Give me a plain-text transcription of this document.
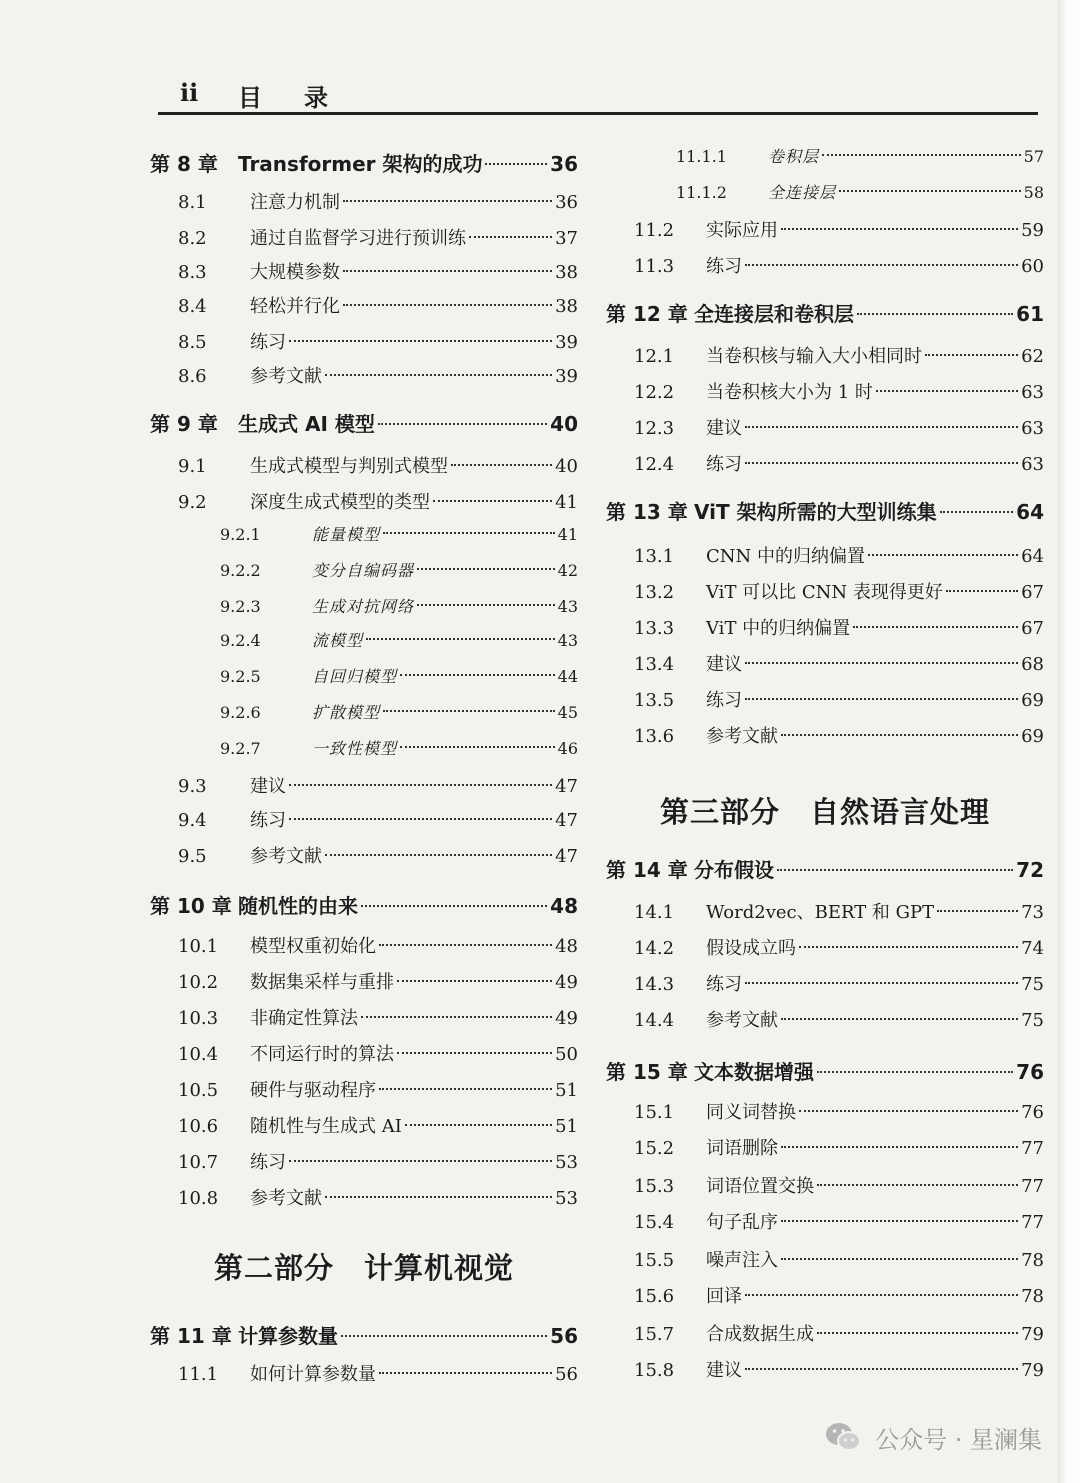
ii 目 录
第 8 章	Transformer 架构的成功	36
8.1	注意力机制	36
8.2	通过自监督学习进行预训练	37
8.3	大规模参数	38
8.4	轻松并行化	38
8.5	练习	39
8.6	参考文献	39
第 9 章	生成式 AI 模型	40
9.1	生成式模型与判别式模型	40
9.2	深度生成式模型的类型	41
9.2.1	能量模型	41
9.2.2	变分自编码器	42
9.2.3	生成对抗网络	43
9.2.4	流模型	43
9.2.5	自回归模型	44
9.2.6	扩散模型	45
9.2.7	一致性模型	46
9.3	建议	47
9.4	练习	47
9.5	参考文献	47
第 10 章 随机性的由来	48
10.1	模型权重初始化	48
10.2	数据集采样与重排	49
10.3	非确定性算法	49
10.4	不同运行时的算法	50
10.5	硬件与驱动程序	51
10.6	随机性与生成式 AI	51
10.7	练习	53
10.8	参考文献	53
第二部分　计算机视觉
第 11 章 计算参数量	56
11.1	如何计算参数量	56
11.1.1	卷积层	57
11.1.2	全连接层	58
11.2	实际应用	59
11.3	练习	60
第 12 章 全连接层和卷积层	61
12.1	当卷积核与输入大小相同时	62
12.2	当卷积核大小为 1 时	63
12.3	建议	63
12.4	练习	63
第 13 章 ViT 架构所需的大型训练集	64
13.1	CNN 中的归纳偏置	64
13.2	ViT 可以比 CNN 表现得更好	67
13.3	ViT 中的归纳偏置	67
13.4	建议	68
13.5	练习	69
13.6	参考文献	69
第三部分　自然语言处理
第 14 章 分布假设	72
14.1	Word2vec、BERT 和 GPT	73
14.2	假设成立吗	74
14.3	练习	75
14.4	参考文献	75
第 15 章 文本数据增强	76
15.1	同义词替换	76
15.2	词语删除	77
15.3	词语位置交换	77
15.4	句子乱序	77
15.5	噪声注入	78
15.6	回译	78
15.7	合成数据生成	79
15.8	建议	79
公众号 · 星澜集
